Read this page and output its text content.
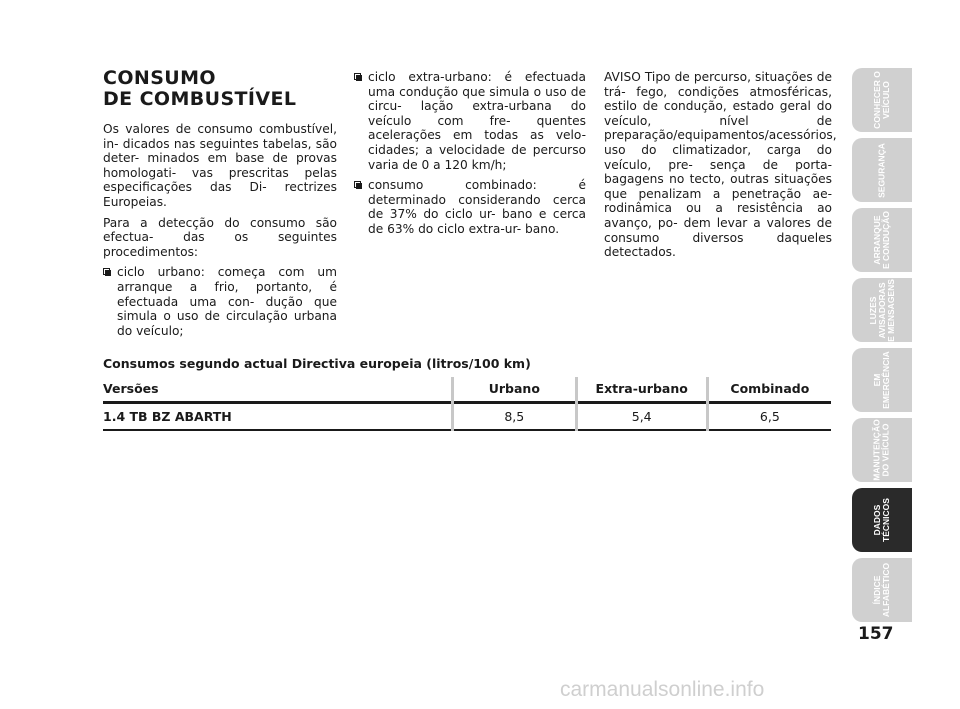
CONSUMO
DE COMBUSTÍVEL

Os valores de consumo combustível, in- dicados nas seguintes tabelas, são deter- minados em base de provas homologati- vas prescritas pelas especificações das Di- rectrizes Europeias.

Para a detecção do consumo são efectua- das os seguintes procedimentos:

ciclo urbano: começa com um arranque a frio, portanto, é efectuada uma con- dução que simula o uso de circulação urbana do veículo;
ciclo extra-urbano: é efectuada uma condução que simula o uso de circu- lação extra-urbana do veículo com fre- quentes acelerações em todas as velo- cidades; a velocidade de percurso varia de 0 a 120 km/h;
consumo combinado: é determinado considerando cerca de 37% do ciclo ur- bano e cerca de 63% do ciclo extra-ur- bano.

AVISO Tipo de percurso, situações de trá- fego, condições atmosféricas, estilo de condução, estado geral do veículo, nível de preparação/equipamentos/acessórios, uso do climatizador, carga do veículo, pre- sença de porta-bagagens no tecto, outras situações que penalizam a penetração ae- rodinâmica ou a resistência ao avanço, po- dem levar a valores de consumo diversos daqueles detectados.

Consumos segundo actual Directiva europeia (litros/100 km)
Versões	Urbano	Extra-urbano	Combinado
1.4 TB BZ ABARTH	8,5	5,4	6,5
CONHECER O
VEÍCULO
SEGURANÇA
ARRANQUE
E CONDUÇÃO
LUZES
AVISADORAS
E MENSAGENS
EM
EMERGÊNCIA
MANUTENÇÃO
DO VEÍCULO
DADOS
TÉCNICOS
ÍNDICE
ALFABÉTICO
157
carmanualsonline.info
